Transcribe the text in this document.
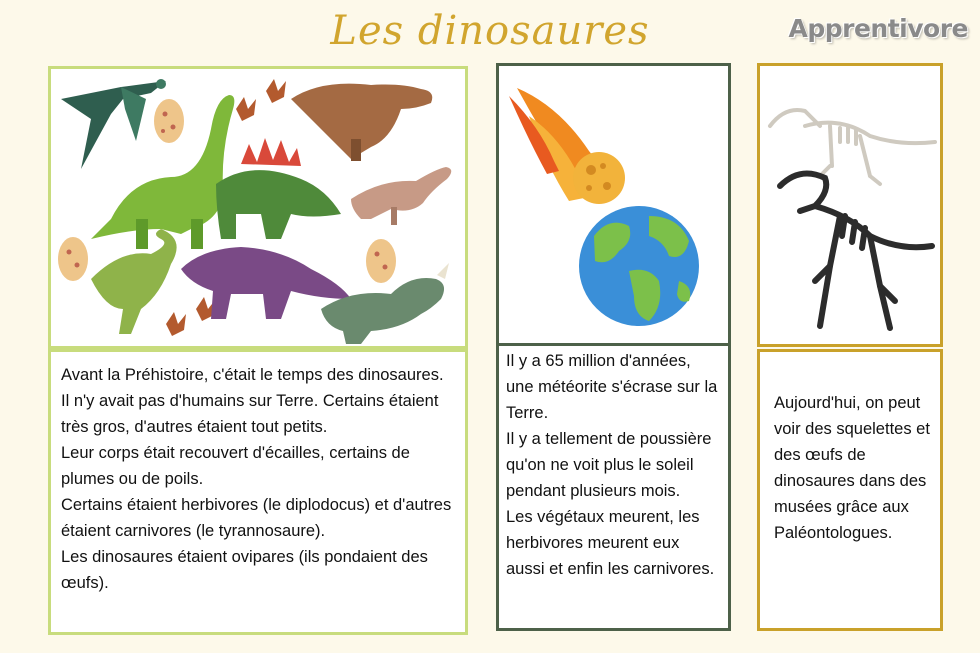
Les dinosaures	Apprentivore

Avant la Préhistoire, c'était le temps des dinosaures. Il n'y avait pas d'humains sur Terre. Certains étaient très gros, d'autres étaient tout petits.

Leur corps était recouvert d'écailles, certains de plumes ou de poils.

Certains étaient herbivores (le diplodocus) et d'autres étaient carnivores (le tyrannosaure).

Les dinosaures étaient ovipares (ils pondaient des œufs).

Il y a 65 million d'années, une météorite s'écrase sur la Terre.

Il y a tellement de poussière qu'on ne voit plus le soleil pendant plusieurs mois.

Les végétaux meurent, les herbivores meurent eux aussi et enfin les carnivores.

Aujourd'hui, on peut voir des squelettes et des œufs de dinosaures dans des musées grâce aux Paléontologues.
